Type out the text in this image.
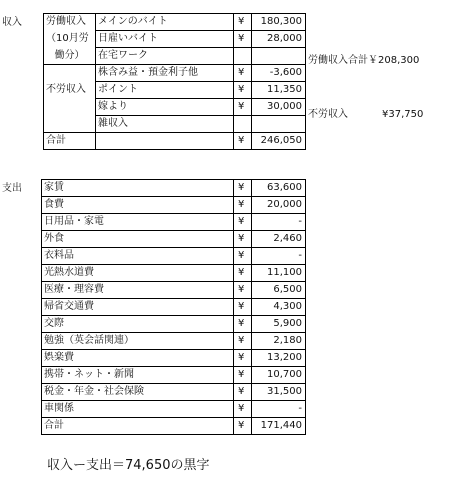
収入 労働収入	メインのバイト	¥	180,300
（10月労	日雇いバイト	¥	28,000
働分）	在宅ワーク		
	株含み益・預金利子他	¥	-3,600
不労収入	ポイント	¥	11,350
	嫁より	¥	30,000
	雑収入		
合計		¥	246,050
労働収入合計￥208,300
不労収入	¥37,750
支出 家賃	¥	63,600
食費	¥	20,000
日用品・家電	¥	-
外食	¥	2,460
衣料品	¥	-
光熱水道費	¥	11,100
医療・理容費	¥	6,500
帰省交通費	¥	4,300
交際	¥	5,900
勉強（英会話関連）	¥	2,180
娯楽費	¥	13,200
携帯・ネット・新聞	¥	10,700
税金・年金・社会保険	¥	31,500
車関係	¥	-
合計	¥	171,440
収入ー支出＝74,650の黒字
